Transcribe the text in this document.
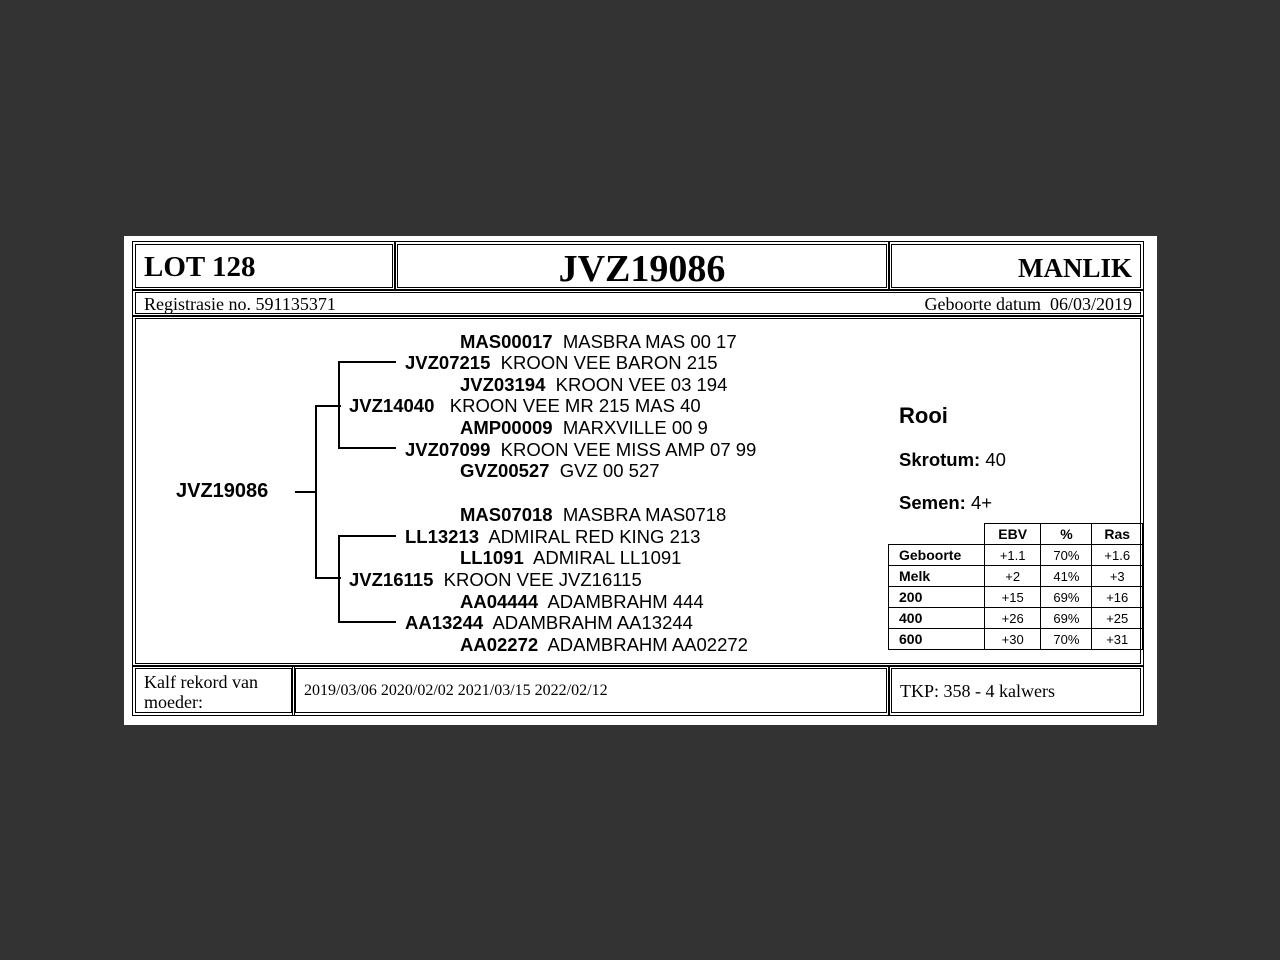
LOT 128	JVZ19086	MANLIK
Registrasie no. 591135371	Geboorte datum 06/03/2019
JVZ19086
MAS00017 MASBRA MAS 00 17
JVZ07215 KROON VEE BARON 215
JVZ03194 KROON VEE 03 194
JVZ14040 KROON VEE MR 215 MAS 40
AMP00009 MARXVILLE 00 9
JVZ07099 KROON VEE MISS AMP 07 99
GVZ00527 GVZ 00 527
MAS07018 MASBRA MAS0718
LL13213 ADMIRAL RED KING 213
LL1091 ADMIRAL LL1091
JVZ16115 KROON VEE JVZ16115
AA04444 ADAMBRAHM 444
AA13244 ADAMBRAHM AA13244
AA02272 ADAMBRAHM AA02272
Rooi
Skrotum: 40
Semen: 4+
	EBV	%	Ras
Geboorte	+1.1	70%	+1.6
Melk	+2	41%	+3
200	+15	69%	+16
400	+26	69%	+25
600	+30	70%	+31
Kalf rekord van
moeder:
2019/03/06 2020/02/02 2021/03/15 2022/02/12	TKP: 358 - 4 kalwers
